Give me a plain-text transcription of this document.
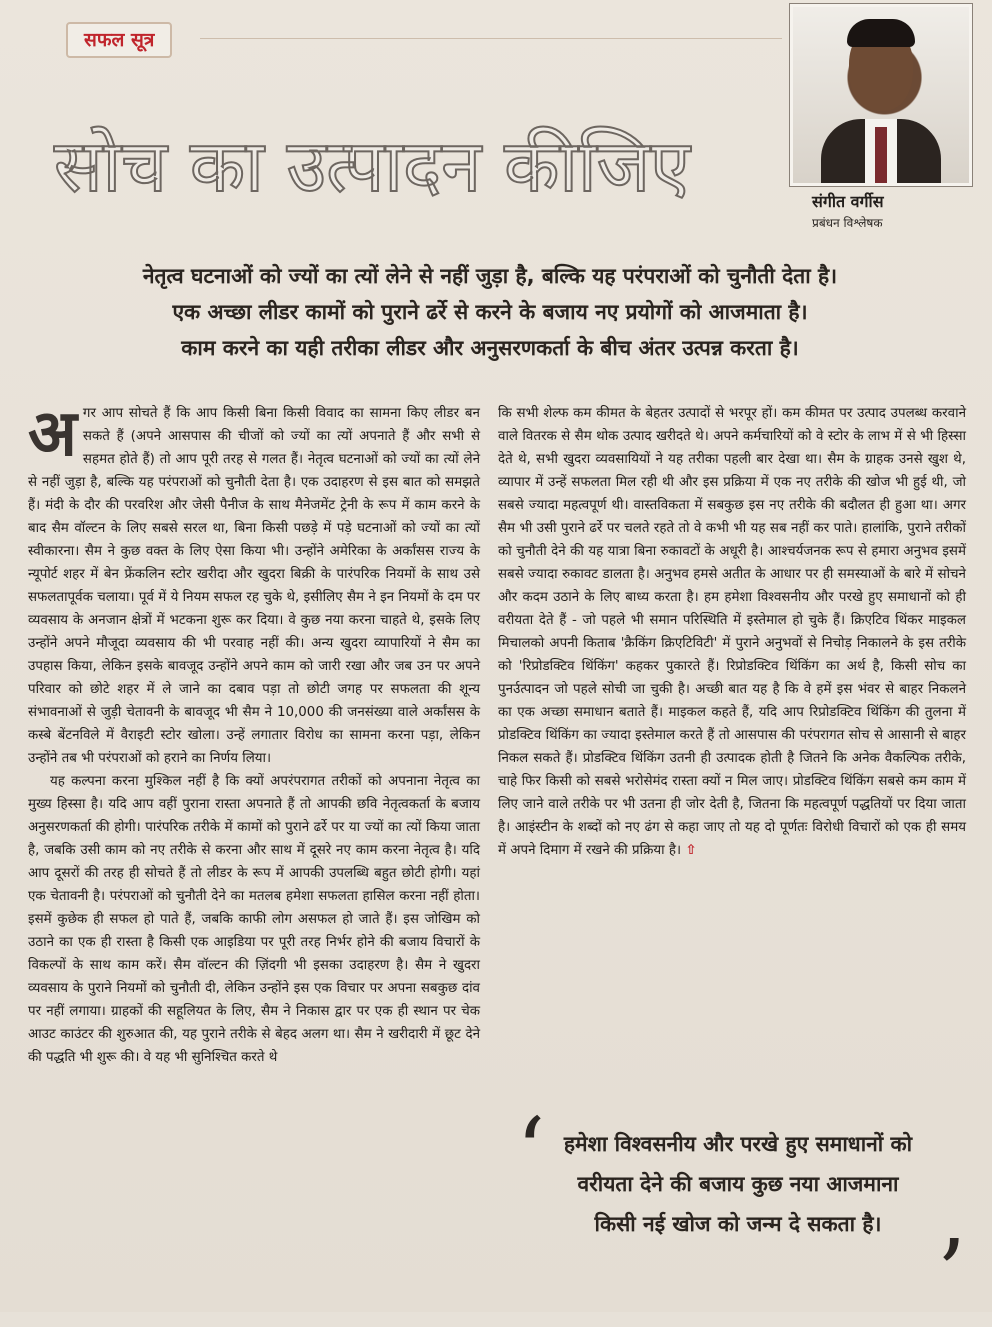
सफल सूत्र
सोच का उत्पादन कीजिए	संगीत वर्गीस
प्रबंधन विश्लेषक
नेतृत्व घटनाओं को ज्यों का त्यों लेने से नहीं जुड़ा है, बल्कि यह परंपराओं को चुनौती देता है।
एक अच्छा लीडर कामों को पुराने ढर्रे से करने के बजाय नए प्रयोगों को आजमाता है।
काम करने का यही तरीका लीडर और अनुसरणकर्ता के बीच अंतर उत्पन्न करता है।

अगर आप सोचते हैं कि आप किसी बिना किसी विवाद का सामना किए लीडर बन सकते हैं (अपने आसपास की चीजों को ज्यों का त्यों अपनाते हैं और सभी से सहमत होते हैं) तो आप पूरी तरह से गलत हैं। नेतृत्व घटनाओं को ज्यों का त्यों लेने से नहीं जुड़ा है, बल्कि यह परंपराओं को चुनौती देता है। एक उदाहरण से इस बात को समझते हैं। मंदी के दौर की परवरिश और जेसी पैनीज के साथ मैनेजमेंट ट्रेनी के रूप में काम करने के बाद सैम वॉल्टन के लिए सबसे सरल था, बिना किसी पछड़े में पड़े घटनाओं को ज्यों का त्यों स्वीकारना। सैम ने कुछ वक्त के लिए ऐसा किया भी। उन्होंने अमेरिका के अर्कांसस राज्य के न्यूपोर्ट शहर में बेन फ्रेंकलिन स्टोर खरीदा और खुदरा बिक्री के पारंपरिक नियमों के साथ उसे सफलतापूर्वक चलाया। पूर्व में ये नियम सफल रह चुके थे, इसीलिए सैम ने इन नियमों के दम पर व्यवसाय के अनजान क्षेत्रों में भटकना शुरू कर दिया। वे कुछ नया करना चाहते थे, इसके लिए उन्होंने अपने मौजूदा व्यवसाय की भी परवाह नहीं की। अन्य खुदरा व्यापारियों ने सैम का उपहास किया, लेकिन इसके बावजूद उन्होंने अपने काम को जारी रखा और जब उन पर अपने परिवार को छोटे शहर में ले जाने का दबाव पड़ा तो छोटी जगह पर सफलता की शून्य संभावनाओं से जुड़ी चेतावनी के बावजूद भी सैम ने 10,000 की जनसंख्या वाले अर्कांसस के कस्बे बेंटनविले में वैराइटी स्टोर खोला। उन्हें लगातार विरोध का सामना करना पड़ा, लेकिन उन्होंने तब भी परंपराओं को हराने का निर्णय लिया।

यह कल्पना करना मुश्किल नहीं है कि क्यों अपरंपरागत तरीकों को अपनाना नेतृत्व का मुख्य हिस्सा है। यदि आप वहीं पुराना रास्ता अपनाते हैं तो आपकी छवि नेतृत्वकर्ता के बजाय अनुसरणकर्ता की होगी। पारंपरिक तरीके में कामों को पुराने ढर्रे पर या ज्यों का त्यों किया जाता है, जबकि उसी काम को नए तरीके से करना और साथ में दूसरे नए काम करना नेतृत्व है। यदि आप दूसरों की तरह ही सोचते हैं तो लीडर के रूप में आपकी उपलब्धि बहुत छोटी होगी। यहां एक चेतावनी है। परंपराओं को चुनौती देने का मतलब हमेशा सफलता हासिल करना नहीं होता। इसमें कुछेक ही सफल हो पाते हैं, जबकि काफी लोग असफल हो जाते हैं। इस जोखिम को उठाने का एक ही रास्ता है किसी एक आइडिया पर पूरी तरह निर्भर होने की बजाय विचारों के विकल्पों के साथ काम करें। सैम वॉल्टन की ज़िंदगी भी इसका उदाहरण है। सैम ने खुदरा व्यवसाय के पुराने नियमों को चुनौती दी, लेकिन उन्होंने इस एक विचार पर अपना सबकुछ दांव पर नहीं लगाया। ग्राहकों की सहूलियत के लिए, सैम ने निकास द्वार पर एक ही स्थान पर चेक आउट काउंटर की शुरुआत की, यह पुराने तरीके से बेहद अलग था। सैम ने खरीदारी में छूट देने की पद्धति भी शुरू की। वे यह भी सुनिश्चित करते थे

कि सभी शेल्फ कम कीमत के बेहतर उत्पादों से भरपूर हों। कम कीमत पर उत्पाद उपलब्ध करवाने वाले वितरक से सैम थोक उत्पाद खरीदते थे। अपने कर्मचारियों को वे स्टोर के लाभ में से भी हिस्सा देते थे, सभी खुदरा व्यवसायियों ने यह तरीका पहली बार देखा था। सैम के ग्राहक उनसे खुश थे, व्यापार में उन्हें सफलता मिल रही थी और इस प्रक्रिया में एक नए तरीके की खोज भी हुई थी, जो सबसे ज्यादा महत्वपूर्ण थी। वास्तविकता में सबकुछ इस नए तरीके की बदौलत ही हुआ था। अगर सैम भी उसी पुराने ढर्रे पर चलते रहते तो वे कभी भी यह सब नहीं कर पाते। हालांकि, पुराने तरीकों को चुनौती देने की यह यात्रा बिना रुकावटों के अधूरी है। आश्चर्यजनक रूप से हमारा अनुभव इसमें सबसे ज्यादा रुकावट डालता है। अनुभव हमसे अतीत के आधार पर ही समस्याओं के बारे में सोचने और कदम उठाने के लिए बाध्य करता है। हम हमेशा विश्वसनीय और परखे हुए समाधानों को ही वरीयता देते हैं - जो पहले भी समान परिस्थिति में इस्तेमाल हो चुके हैं। क्रिएटिव थिंकर माइकल मिचालको अपनी किताब 'क्रैकिंग क्रिएटिविटी' में पुराने अनुभवों से निचोड़ निकालने के इस तरीके को 'रिप्रोडक्टिव थिंकिंग' कहकर पुकारते हैं। रिप्रोडक्टिव थिंकिंग का अर्थ है, किसी सोच का पुनर्उत्पादन जो पहले सोची जा चुकी है। अच्छी बात यह है कि वे हमें इस भंवर से बाहर निकलने का एक अच्छा समाधान बताते हैं। माइकल कहते हैं, यदि आप रिप्रोडक्टिव थिंकिंग की तुलना में प्रोडक्टिव थिंकिंग का ज्यादा इस्तेमाल करते हैं तो आसपास की परंपरागत सोच से आसानी से बाहर निकल सकते हैं। प्रोडक्टिव थिंकिंग उतनी ही उत्पादक होती है जितने कि अनेक वैकल्पिक तरीके, चाहे फिर किसी को सबसे भरोसेमंद रास्ता क्यों न मिल जाए। प्रोडक्टिव थिंकिंग सबसे कम काम में लिए जाने वाले तरीके पर भी उतना ही जोर देती है, जितना कि महत्वपूर्ण पद्धतियों पर दिया जाता है। आइंस्टीन के शब्दों को नए ढंग से कहा जाए तो यह दो पूर्णतः विरोधी विचारों को एक ही समय में अपने दिमाग में रखने की प्रक्रिया है। ⇧

‘ हमेशा विश्वसनीय और परखे हुए समाधानों को वरीयता देने की बजाय कुछ नया आजमाना किसी नई खोज को जन्म दे सकता है। ’
